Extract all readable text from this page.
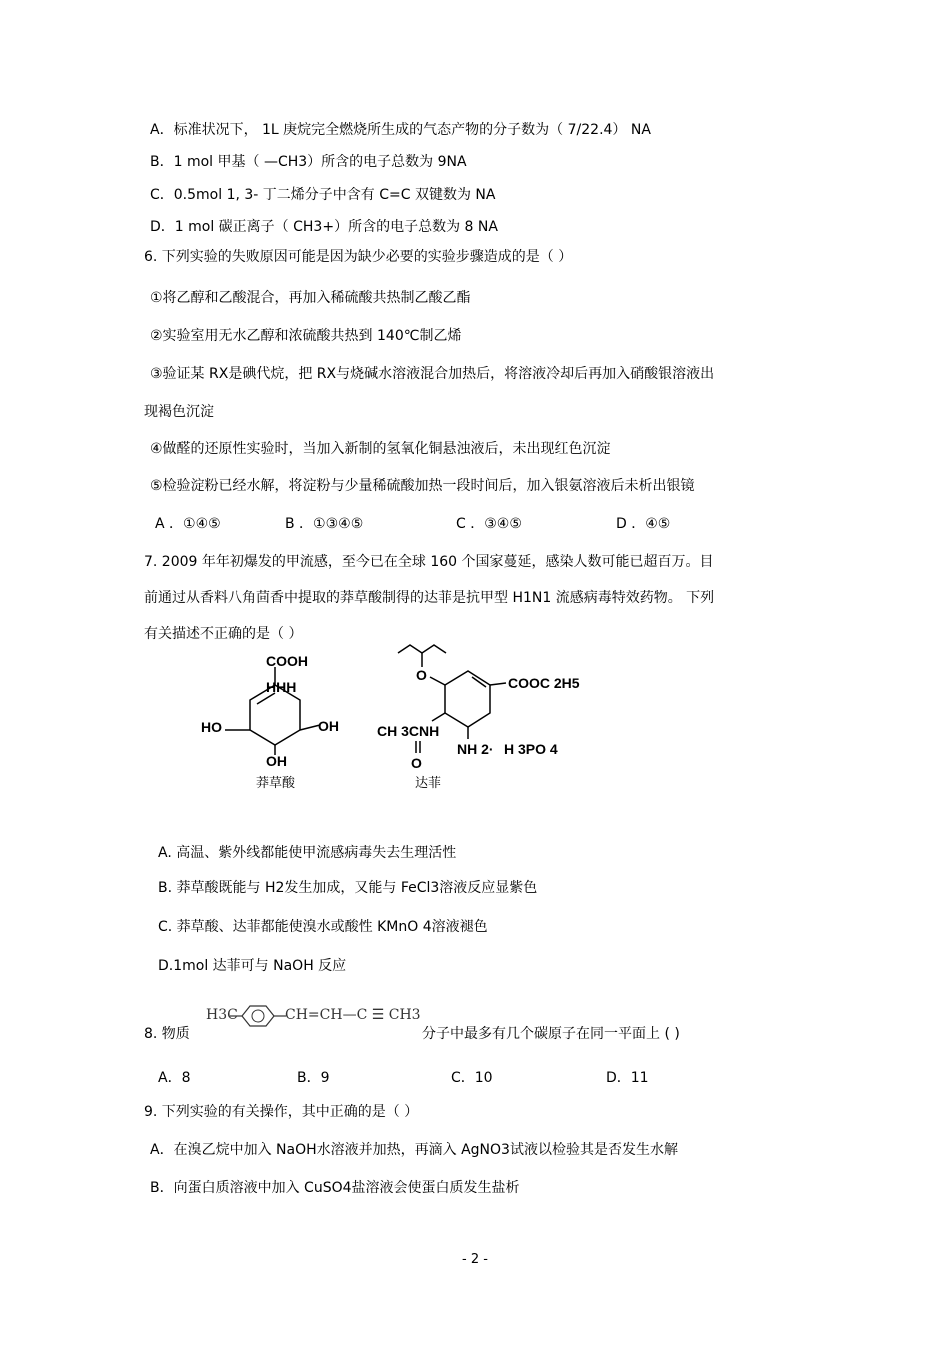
A．标准状况下， 1L 庚烷完全燃烧所生成的气态产物的分子数为（ 7/22.4） NA
B．1 mol 甲基（ —CH3）所含的电子总数为 9NA
C．0.5mol 1, 3- 丁二烯分子中含有 C=C 双键数为 NA
D．1 mol 碳正离子（ CH3+）所含的电子总数为 8 NA
6. 下列实验的失败原因可能是因为缺少必要的实验步骤造成的是（ ）
①将乙醇和乙酸混合，再加入稀硫酸共热制乙酸乙酯
②实验室用无水乙醇和浓硫酸共热到 140℃制乙烯
③验证某 RX是碘代烷，把 RX与烧碱水溶液混合加热后，将溶液冷却后再加入硝酸银溶液出
现褐色沉淀
④做醛的还原性实验时，当加入新制的氢氧化铜悬浊液后，未出现红色沉淀
⑤检验淀粉已经水解，将淀粉与少量稀硫酸加热一段时间后，加入银氨溶液后未析出银镜
A ．①④⑤	B ．①③④⑤	C ．③④⑤	D ．④⑤
7. 2009 年年初爆发的甲流感，至今已在全球 160 个国家蔓延，感染人数可能已超百万。目
前通过从香料八角茴香中提取的莽草酸制得的达菲是抗甲型 H1N1 流感病毒特效药物。 下列
有关描述不正确的是（ ）
COOH
HHH
HO	OH
OH
莽草酸
O	COOC 2H5
CH 3CNH
O
NH 2· H 3PO 4
达菲
A. 高温、紫外线都能使甲流感病毒失去生理活性
B. 莽草酸既能与 H2发生加成，又能与 FeCl3溶液反应显紫色
C. 莽草酸、达菲都能使溴水或酸性 KMnO 4溶液褪色
D.1mol 达菲可与 NaOH 反应
8. 物质
H3C	CH=CH—C ☰ CH3
分子中最多有几个碳原子在同一平面上 ( )
A．8	B．9	C．10	D．11
9. 下列实验的有关操作，其中正确的是（ ）
A．在溴乙烷中加入 NaOH水溶液并加热，再滴入 AgNO3试液以检验其是否发生水解
B．向蛋白质溶液中加入 CuSO4盐溶液会使蛋白质发生盐析
- 2 -
